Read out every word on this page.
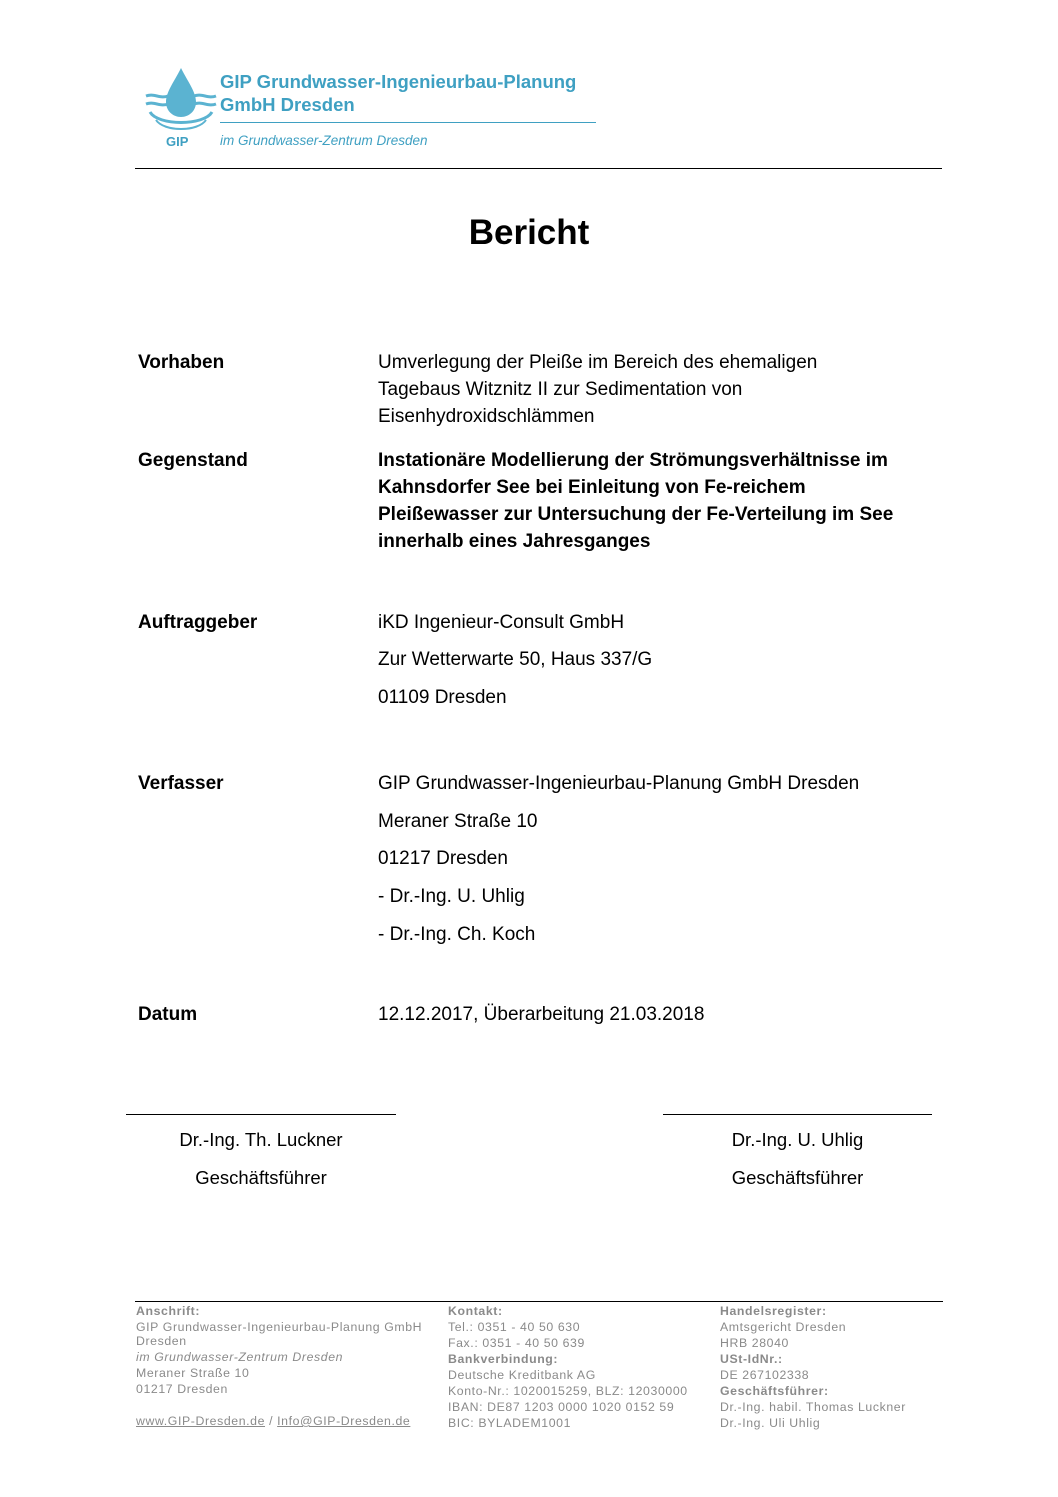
GIP
GIP Grundwasser-Ingenieurbau-Planung
GmbH Dresden
im Grundwasser-Zentrum Dresden
Bericht
Vorhaben	Umverlegung der Pleiße im Bereich des ehemaligen
Tagebaus Witznitz II zur Sedimentation von
Eisenhydroxidschlämmen
Gegenstand	Instationäre Modellierung der Strömungsverhältnisse im
Kahnsdorfer See bei Einleitung von Fe-reichem
Pleißewasser zur Untersuchung der Fe-Verteilung im See
innerhalb eines Jahresganges
Auftraggeber	iKD Ingenieur-Consult GmbH
Zur Wetterwarte 50, Haus 337/G
01109 Dresden
Verfasser	GIP Grundwasser-Ingenieurbau-Planung GmbH Dresden
Meraner Straße 10
01217 Dresden
- Dr.-Ing. U. Uhlig
- Dr.-Ing. Ch. Koch
Datum	12.12.2017, Überarbeitung 21.03.2018
Dr.-Ing. Th. Luckner
Geschäftsführer
Dr.-Ing. U. Uhlig
Geschäftsführer
Anschrift:
GIP Grundwasser-Ingenieurbau-Planung GmbH
Dresden
im Grundwasser-Zentrum Dresden
Meraner Straße 10
01217 Dresden
www.GIP-Dresden.de / Info@GIP-Dresden.de
Kontakt:
Tel.: 0351 - 40 50 630
Fax.: 0351 - 40 50 639
Bankverbindung:
Deutsche Kreditbank AG
Konto-Nr.: 1020015259, BLZ: 12030000
IBAN: DE87 1203 0000 1020 0152 59
BIC: BYLADEM1001
Handelsregister:
Amtsgericht Dresden
HRB 28040
USt-IdNr.:
DE 267102338
Geschäftsführer:
Dr.-Ing. habil. Thomas Luckner
Dr.-Ing. Uli Uhlig
